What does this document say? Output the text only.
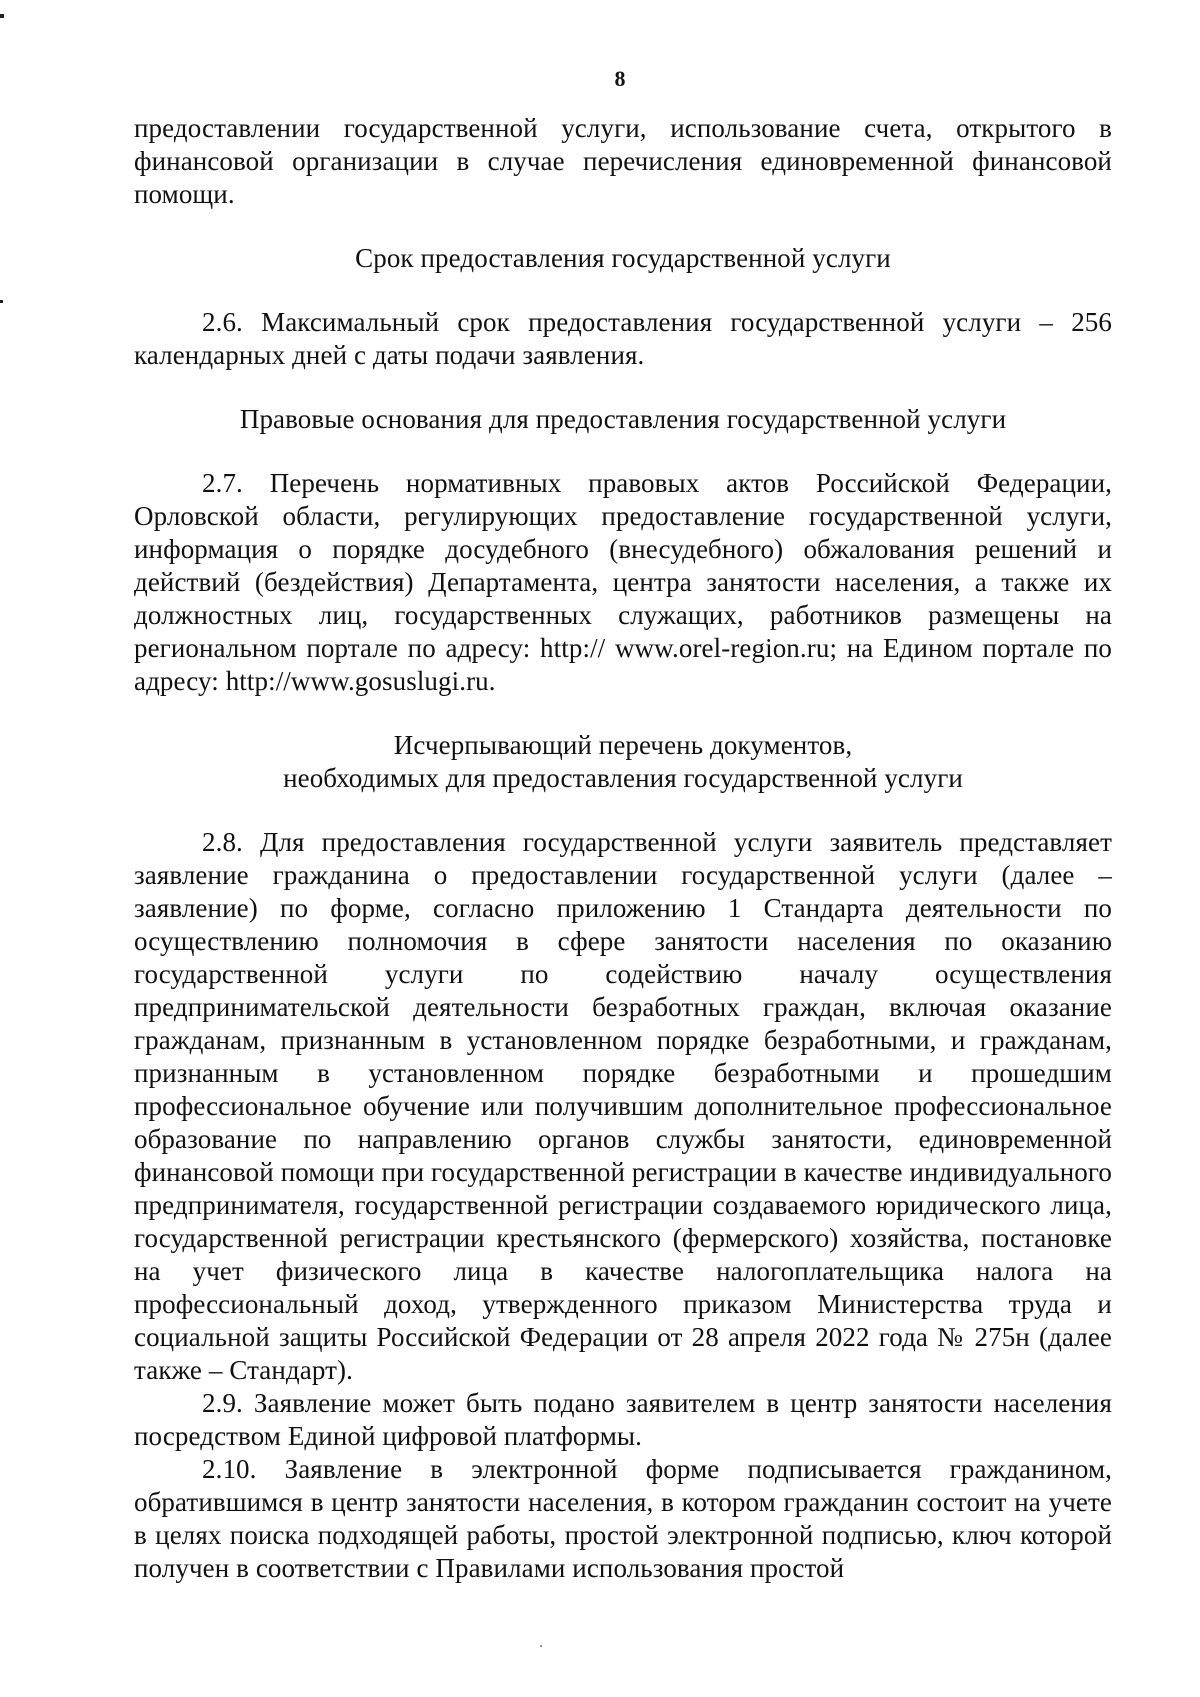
8

предоставлении государственной услуги, использование счета, открытого в финансовой организации в случае перечисления единовременной финансовой помощи.

Срок предоставления государственной услуги

2.6. Максимальный срок предоставления государственной услуги – 256 календарных дней с даты подачи заявления.

Правовые основания для предоставления государственной услуги

2.7. Перечень нормативных правовых актов Российской Федерации, Орловской области, регулирующих предоставление государственной услуги, информация о порядке досудебного (внесудебного) обжалования решений и действий (бездействия) Департамента, центра занятости населения, а также их должностных лиц, государственных служащих, работников размещены на региональном портале по адресу: http:// www.orel-region.ru; на Едином портале по адресу: http://www.gosuslugi.ru.

Исчерпывающий перечень документов,
необходимых для предоставления государственной услуги

2.8. Для предоставления государственной услуги заявитель представляет заявление гражданина о предоставлении государственной услуги (далее – заявление) по форме, согласно приложению 1 Стандарта деятельности по осуществлению полномочия в сфере занятости населения по оказанию государственной услуги по содействию началу осуществления предпринимательской деятельности безработных граждан, включая оказание гражданам, признанным в установленном порядке безработными, и гражданам, признанным в установленном порядке безработными и прошедшим профессиональное обучение или получившим дополнительное профессиональное образование по направлению органов службы занятости, единовременной финансовой помощи при государственной регистрации в качестве индивидуального предпринимателя, государственной регистрации создаваемого юридического лица, государственной регистрации крестьянского (фермерского) хозяйства, постановке на учет физического лица в качестве налогоплательщика налога на профессиональный доход, утвержденного приказом Министерства труда и социальной защиты Российской Федерации от 28 апреля 2022 года № 275н (далее также – Стандарт).

2.9. Заявление может быть подано заявителем в центр занятости населения посредством Единой цифровой платформы.

2.10. Заявление в электронной форме подписывается гражданином, обратившимся в центр занятости населения, в котором гражданин состоит на учете в целях поиска подходящей работы, простой электронной подписью, ключ которой получен в соответствии с Правилами использования простой
